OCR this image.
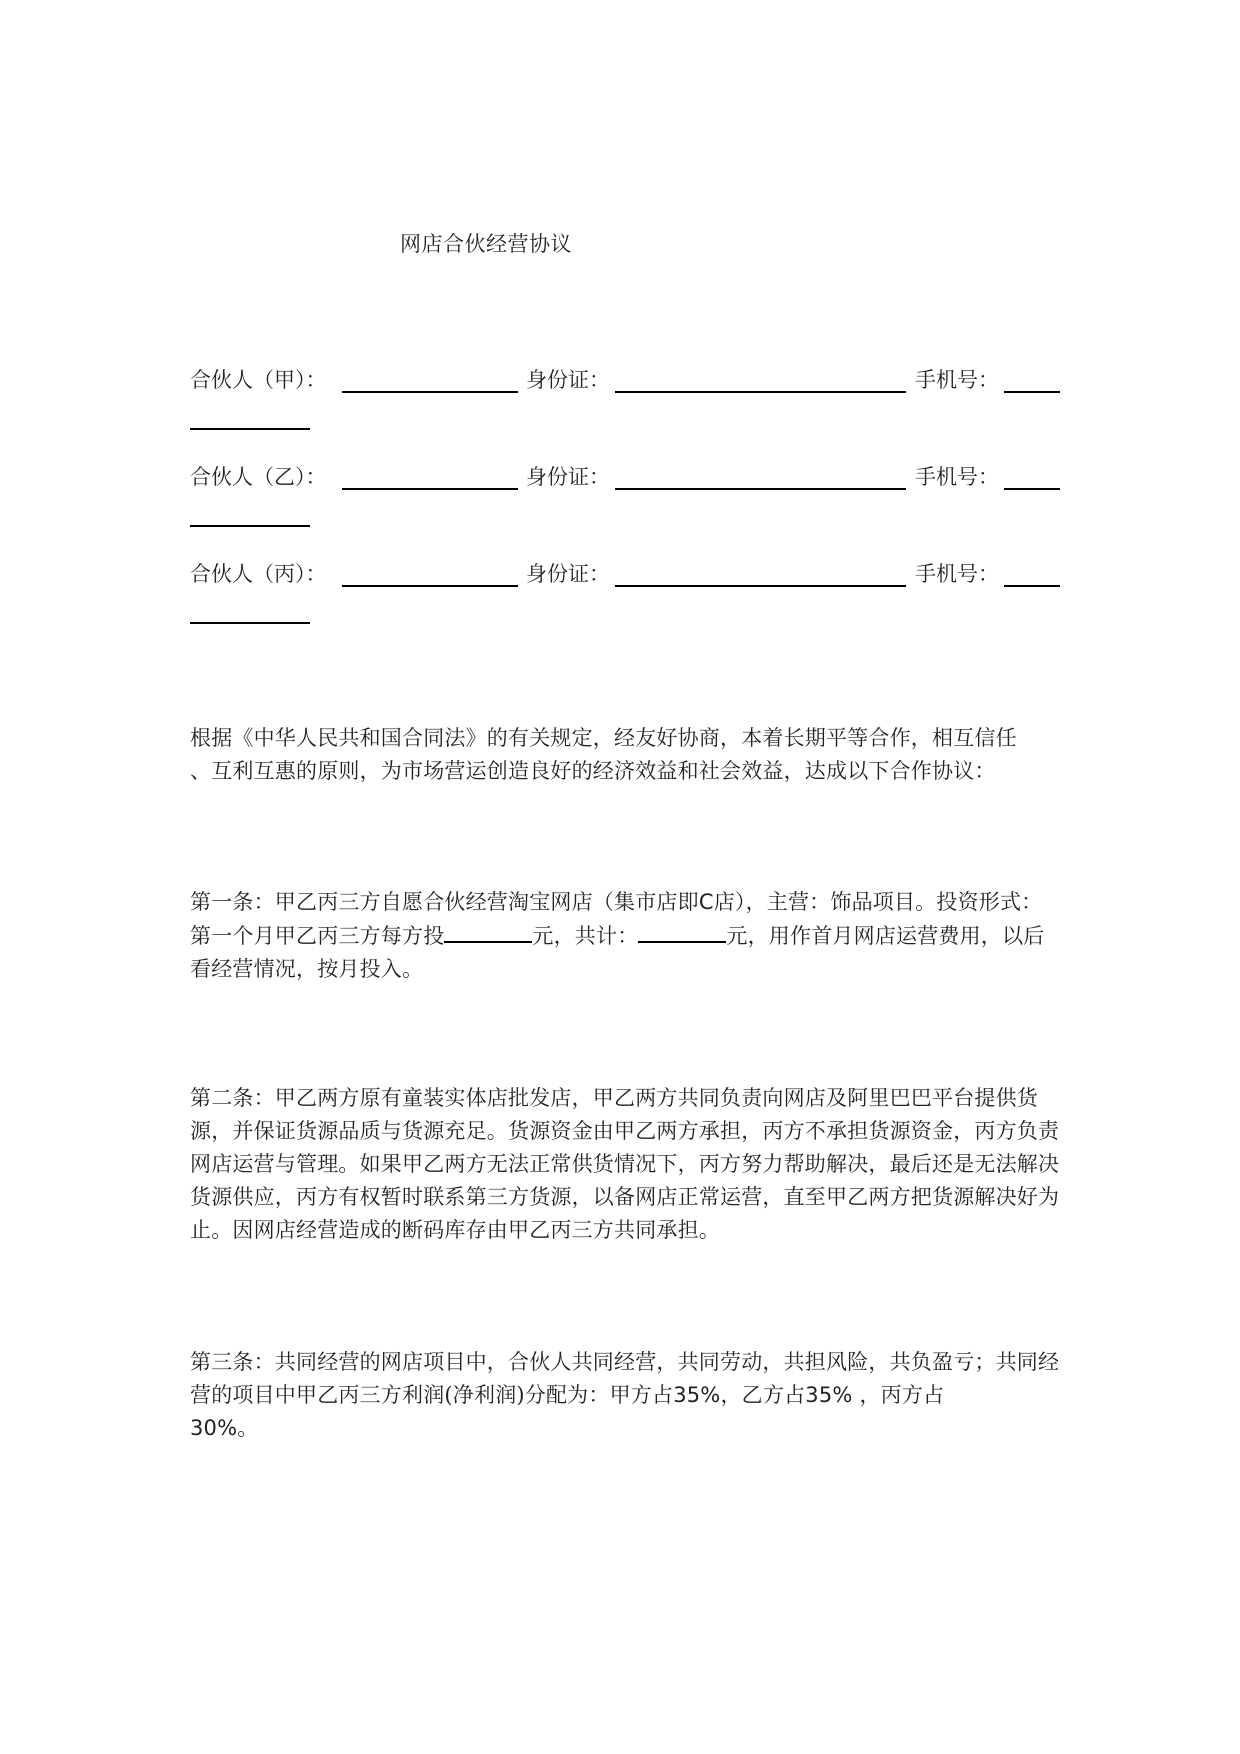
网店合伙经营协议
合伙人（甲）：	身份证：	手机号：
合伙人（乙）：	身份证：	手机号：
合伙人（丙）：	身份证：	手机号：

根据《中华人民共和国合同法》的有关规定，经友好协商，本着长期平等合作，相互信任
、互利互惠的原则，为市场营运创造良好的经济效益和社会效益，达成以下合作协议：

第一条：甲乙丙三方自愿合伙经营淘宝网店（集市店即C店），主营：饰品项目。投资形式：第一个月甲乙丙三方每方投	元，共计：	元，用作首月网店运营费用，以后看经营情况，按月投入。

第二条：甲乙两方原有童装实体店批发店，甲乙两方共同负责向网店及阿里巴巴平台提供货源，并保证货源品质与货源充足。货源资金由甲乙两方承担，丙方不承担货源资金，丙方负责网店运营与管理。如果甲乙两方无法正常供货情况下，丙方努力帮助解决，最后还是无法解决货源供应，丙方有权暂时联系第三方货源，以备网店正常运营，直至甲乙两方把货源解决好为止。因网店经营造成的断码库存由甲乙丙三方共同承担。

第三条：共同经营的网店项目中，合伙人共同经营，共同劳动，共担风险，共负盈亏；共同经营的项目中甲乙丙三方利润(净利润)分配为：甲方占35%，乙方占35% ，丙方占
30%。
